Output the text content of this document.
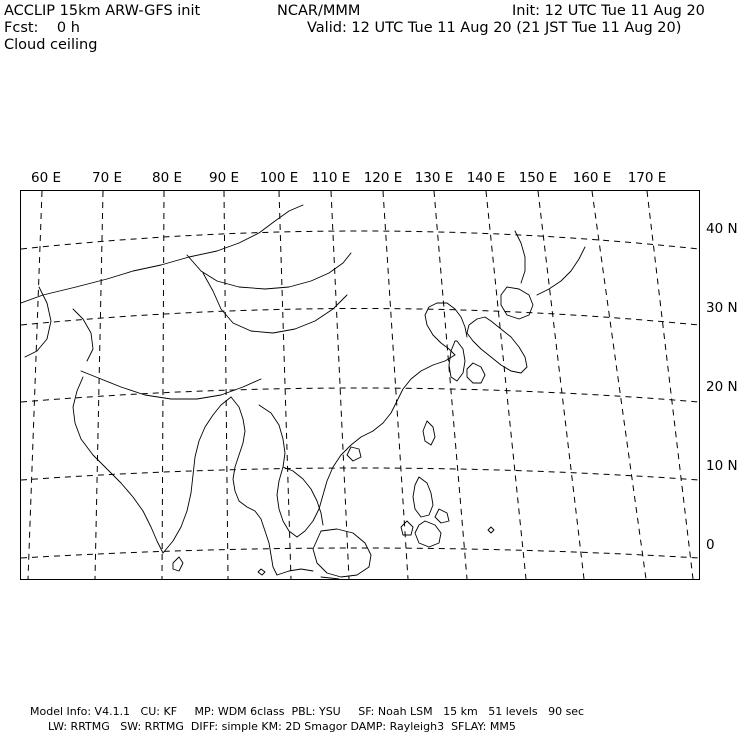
ACCLIP 15km ARW-GFS init
Fcst:    0 h
Cloud ceiling
NCAR/MMM	Init: 12 UTC Tue 11 Aug 20
Valid: 12 UTC Tue 11 Aug 20 (21 JST Tue 11 Aug 20)
60 E 70 E 80 E 90 E 100 E 110 E 120 E 130 E 140 E 150 E 160 E 170 E
40 N
30 N
20 N
10 N
0
Model Info: V4.1.1   CU: KF     MP: WDM 6class  PBL: YSU     SF: Noah LSM   15 km   51 levels   90 sec
LW: RRTMG   SW: RRTMG  DIFF: simple KM: 2D Smagor DAMP: Rayleigh3  SFLAY: MM5
